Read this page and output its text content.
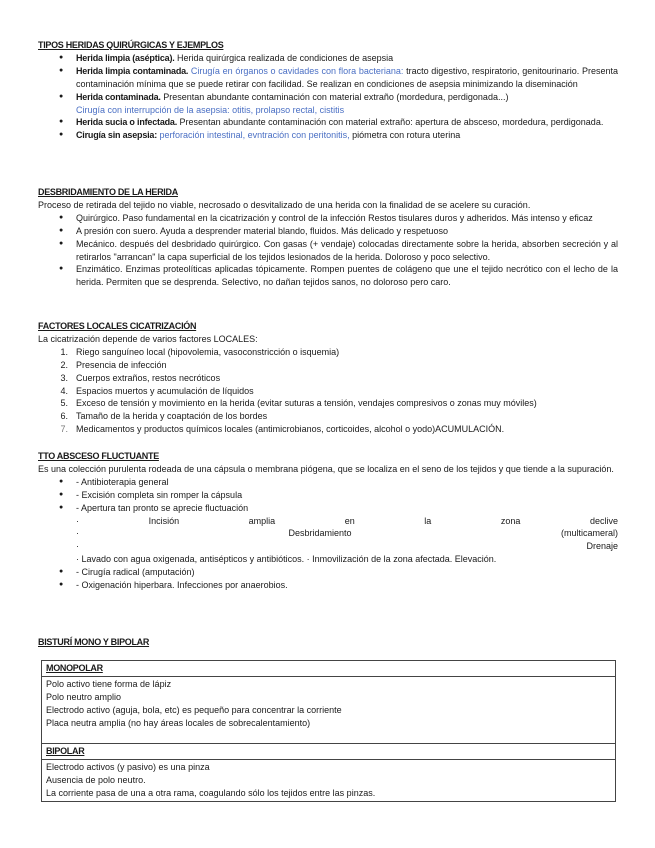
TIPOS HERIDAS QUIRÚRGICAS Y EJEMPLOS

● Herida limpia (aséptica). Herida quirúrgica realizada de condiciones de asepsia
● Herida limpia contaminada. Cirugía en órganos o cavidades con flora bacteriana: tracto digestivo, respiratorio, genitourinario. Presenta contaminación mínima que se puede retirar con facilidad. Se realizan en condiciones de asepsia minimizando la diseminación
● Herida contaminada. Presentan abundante contaminación con material extraño (mordedura, perdigonada...)
Cirugía con interrupción de la asepsia: otitis, prolapso rectal, cistitis
● Herida sucia o infectada. Presentan abundante contaminación con material extraño: apertura de absceso, mordedura, perdigonada.
● Cirugía sin asepsia: perforación intestinal, evntración con peritonitis, piómetra con rotura uterina

DESBRIDAMIENTO DE LA HERIDA

Proceso de retirada del tejido no viable, necrosado o desvitalizado de una herida con la finalidad de se acelere su curación.

● Quirúrgico. Paso fundamental en la cicatrización y control de la infección Restos tisulares duros y adheridos. Más intenso y eficaz
● A presión con suero. Ayuda a desprender material blando, fluidos. Más delicado y respetuoso
● Mecánico. después del desbridado quirúrgico. Con gasas (+ vendaje) colocadas directamente sobre la herida, absorben secreción y al retirarlos "arrancan" la capa superficial de los tejidos lesionados de la herida. Doloroso y poco selectivo.
● Enzimático. Enzimas proteolíticas aplicadas tópicamente. Rompen puentes de colágeno que une el tejido necrótico con el lecho de la herida. Permiten que se desprenda. Selectivo, no dañan tejidos sanos, no doloroso pero caro.

FACTORES LOCALES CICATRIZACIÓN

La cicatrización depende de varios factores LOCALES:

1. Riego sanguíneo local (hipovolemia, vasoconstricción o isquemia)
2. Presencia de infección
3. Cuerpos extraños, restos necróticos
4. Espacios muertos y acumulación de líquidos
5. Exceso de tensión y movimiento en la herida (evitar suturas a tensión, vendajes compresivos o zonas muy móviles)
6. Tamaño de la herida y coaptación de los bordes
7. Medicamentos y productos químicos locales (antimicrobianos, corticoides, alcohol o yodo)ACUMULACIÓN.

TTO ABSCESO FLUCTUANTE

Es una colección purulenta rodeada de una cápsula o membrana piógena, que se localiza en el seno de los tejidos y que tiende a la supuración.

● - Antibioterapia general
● - Excisión completa sin romper la cápsula
● - Apertura tan pronto se aprecie fluctuación
·	Incisión	amplia	en	la	zona	declive
·	Desbridamiento	(multicameral)
·	Drenaje

· Lavado con agua oxigenada, antisépticos y antibióticos. · Inmovilización de la zona afectada. Elevación.

● - Cirugía radical (amputación)
● - Oxigenación hiperbara. Infecciones por anaerobios.

BISTURÍ MONO Y BIPOLAR

MONOPOLAR

Polo activo tiene forma de lápiz
Polo neutro amplio
Electrodo activo (aguja, bola, etc) es pequeño para concentrar la corriente
Placa neutra amplia (no hay áreas locales de sobrecalentamiento)

BIPOLAR

Electrodo activos (y pasivo) es una pinza
Ausencia de polo neutro.
La corriente pasa de una a otra rama, coagulando sólo los tejidos entre las pinzas.
